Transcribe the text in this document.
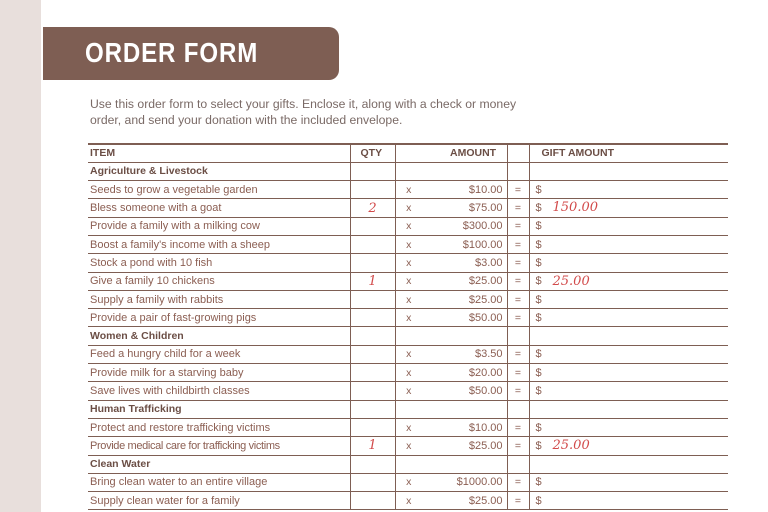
ORDER FORM
Use this order form to select your gifts. Enclose it, along with a check or money order, and send your donation with the included envelope.
ITEM	QTY		AMOUNT		GIFT AMOUNT
Agriculture & Livestock					
Seeds to grow a vegetable garden		x	$10.00	=	$

Bless someone with a goat	2	x	$75.00	=	$ 150.00

Provide a family with a milking cow		x	$300.00	=	$

Boost a family's income with a sheep		x	$100.00	=	$

Stock a pond with 10 fish		x	$3.00	=	$

Give a family 10 chickens	1	x	$25.00	=	$ 25.00

Supply a family with rabbits		x	$25.00	=	$

Provide a pair of fast-growing pigs		x	$50.00	=	$

Women & Children					
Feed a hungry child for a week		x	$3.50	=	$

Provide milk for a starving baby		x	$20.00	=	$

Save lives with childbirth classes		x	$50.00	=	$

Human Trafficking					
Protect and restore trafficking victims		x	$10.00	=	$

Provide medical care for trafficking victims	1	x	$25.00	=	$ 25.00

Clean Water					
Bring clean water to an entire village		x	$1000.00	=	$

Supply clean water for a family		x	$25.00	=	$
